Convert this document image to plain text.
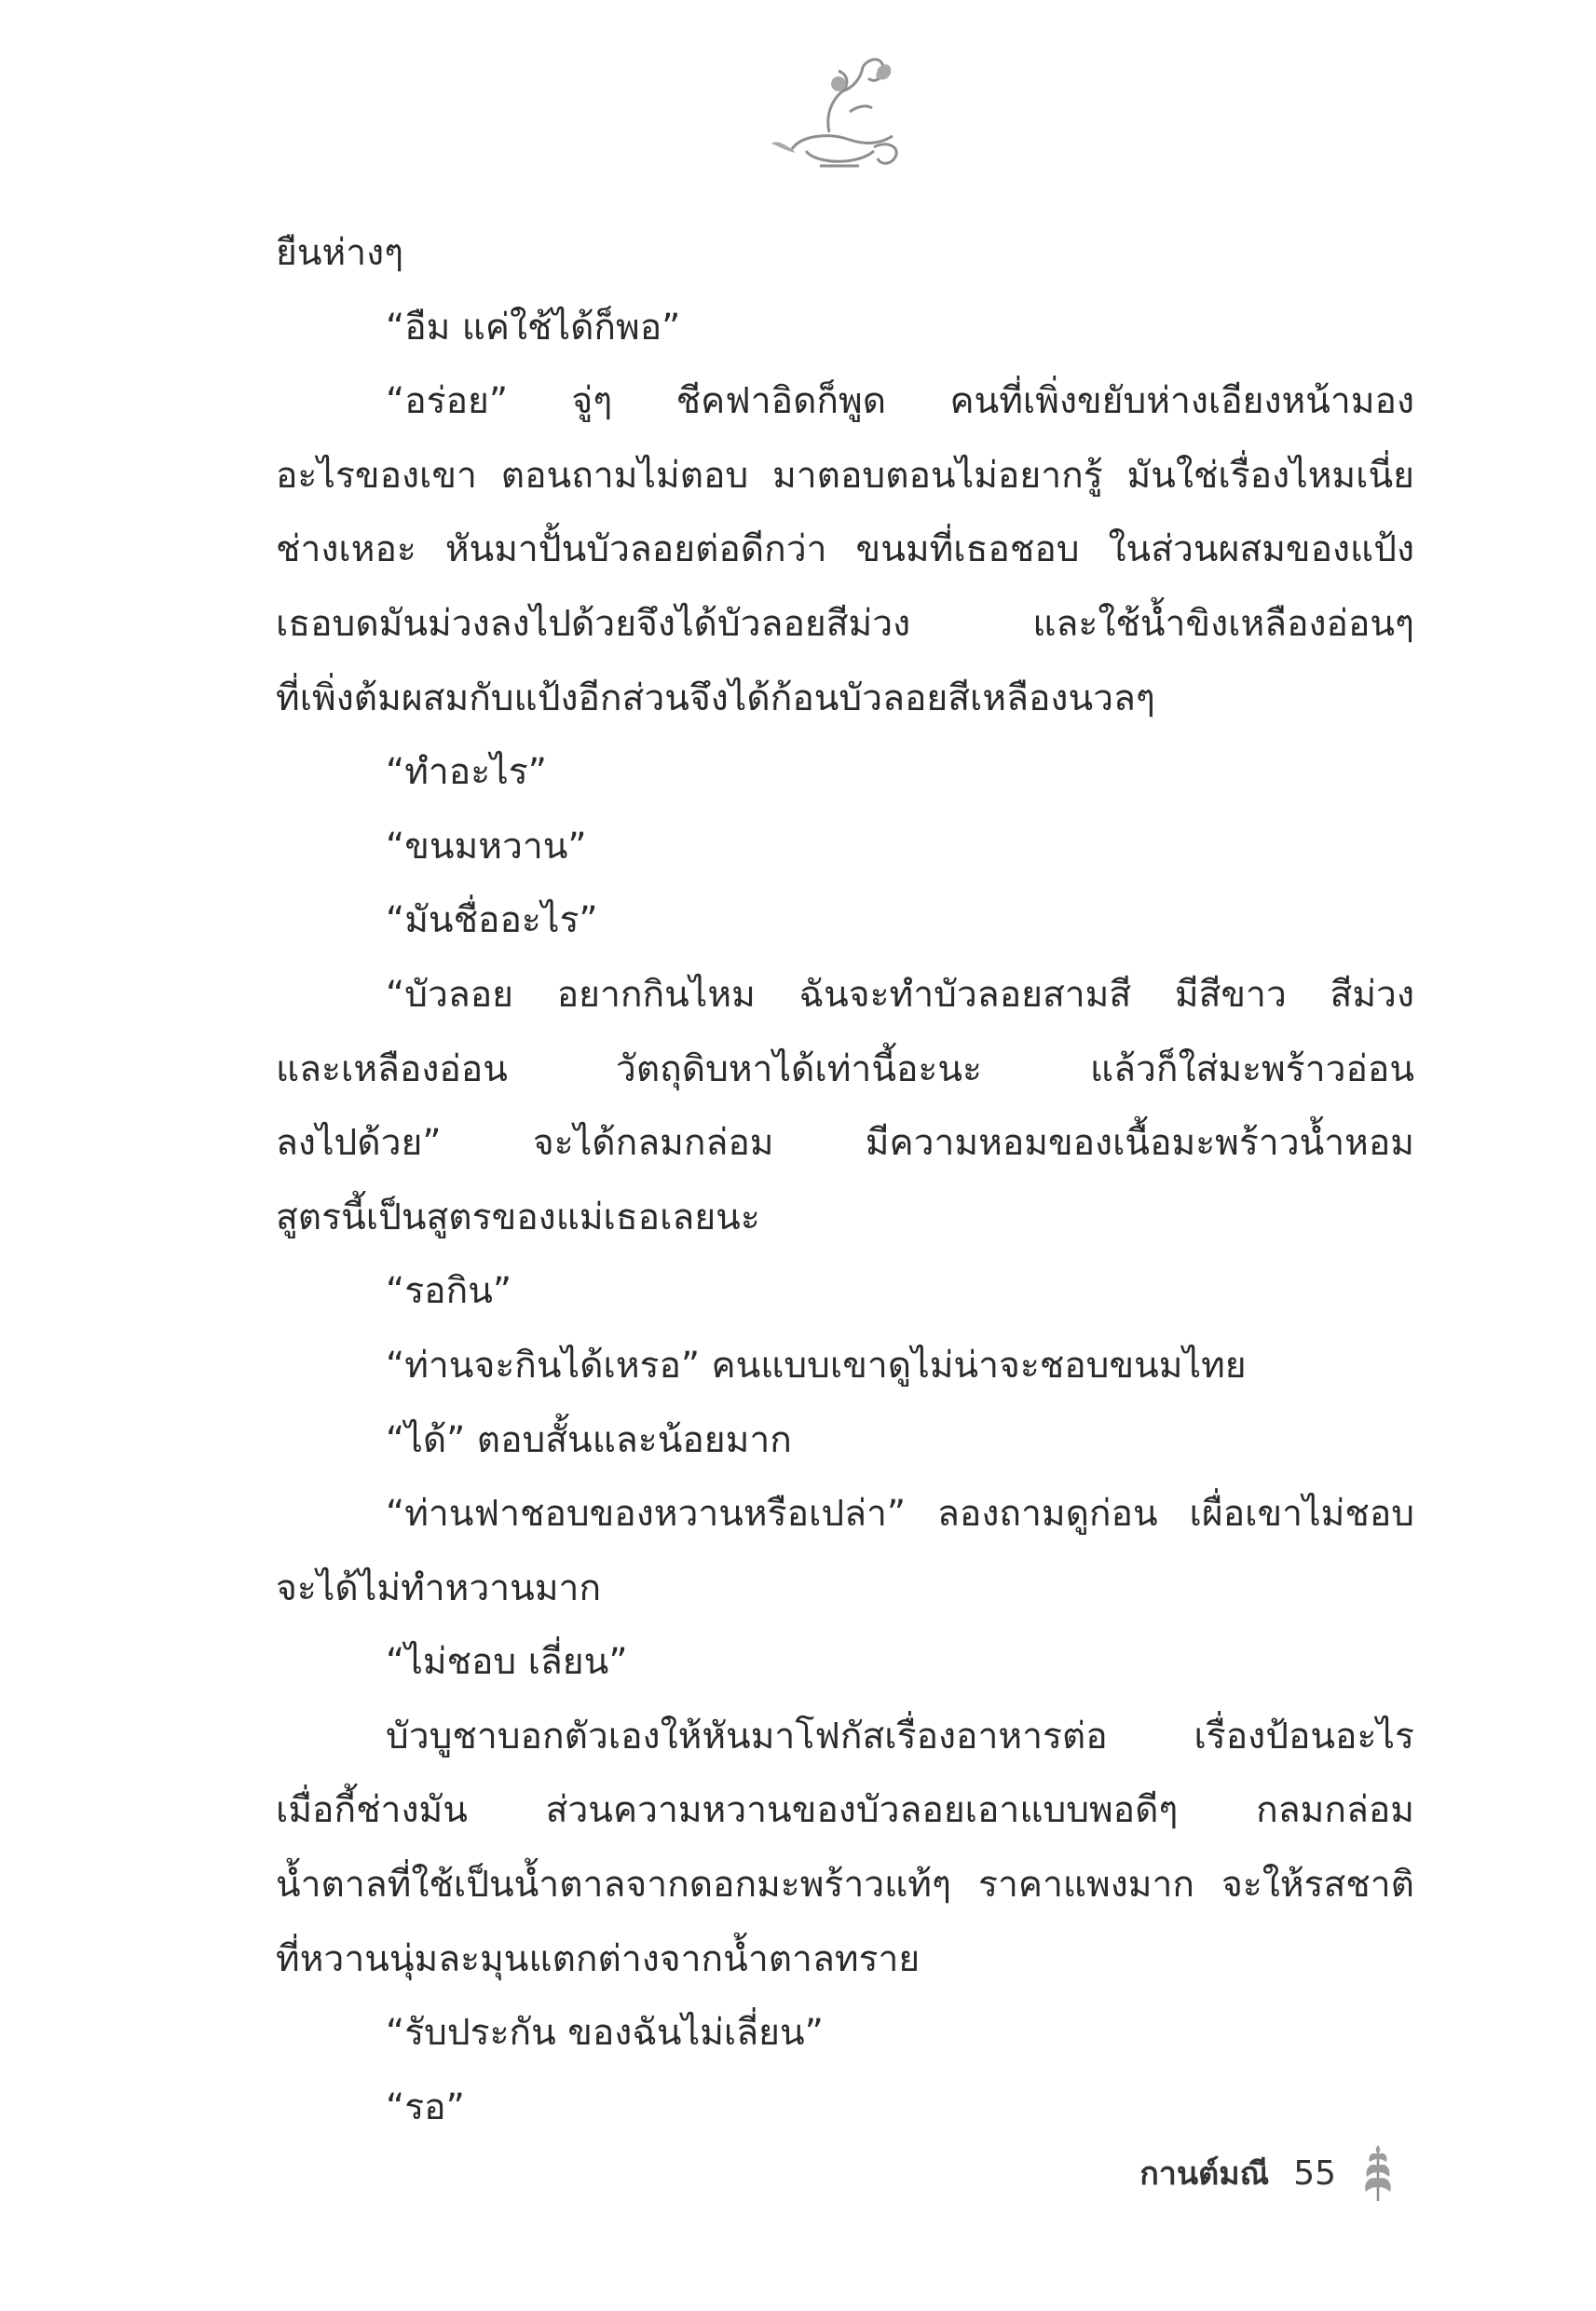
ยืนห่างๆ
“อืม แค่ใช้ได้ก็พอ”
“อร่อย” จู่ๆ ชีคฟาอิดก็พูด คนที่เพิ่งขยับห่างเอียงหน้ามอง
อะไรของเขา ตอนถามไม่ตอบ มาตอบตอนไม่อยากรู้ มันใช่เรื่องไหมเนี่ย
ช่างเหอะ หันมาปั้นบัวลอยต่อดีกว่า ขนมที่เธอชอบ ในส่วนผสมของแป้ง
เธอบดมันม่วงลงไปด้วยจึงได้บัวลอยสีม่วง และใช้น้ำขิงเหลืองอ่อนๆ
ที่เพิ่งต้มผสมกับแป้งอีกส่วนจึงได้ก้อนบัวลอยสีเหลืองนวลๆ
“ทำอะไร”
“ขนมหวาน”
“มันชื่ออะไร”
“บัวลอย อยากกินไหม ฉันจะทำบัวลอยสามสี มีสีขาว สีม่วง
และเหลืองอ่อน วัตถุดิบหาได้เท่านี้อะนะ แล้วก็ใส่มะพร้าวอ่อน
ลงไปด้วย” จะได้กลมกล่อม มีความหอมของเนื้อมะพร้าวน้ำหอม
สูตรนี้เป็นสูตรของแม่เธอเลยนะ
“รอกิน”
“ท่านจะกินได้เหรอ” คนแบบเขาดูไม่น่าจะชอบขนมไทย
“ได้” ตอบสั้นและน้อยมาก
“ท่านฟาชอบของหวานหรือเปล่า” ลองถามดูก่อน เผื่อเขาไม่ชอบ
จะได้ไม่ทำหวานมาก
“ไม่ชอบ เลี่ยน”
บัวบูชาบอกตัวเองให้หันมาโฟกัสเรื่องอาหารต่อ เรื่องป้อนอะไร
เมื่อกี้ช่างมัน ส่วนความหวานของบัวลอยเอาแบบพอดีๆ กลมกล่อม
น้ำตาลที่ใช้เป็นน้ำตาลจากดอกมะพร้าวแท้ๆ ราคาแพงมาก จะให้รสชาติ
ที่หวานนุ่มละมุนแตกต่างจากน้ำตาลทราย
“รับประกัน ของฉันไม่เลี่ยน”
“รอ”
กานต์มณี 55
